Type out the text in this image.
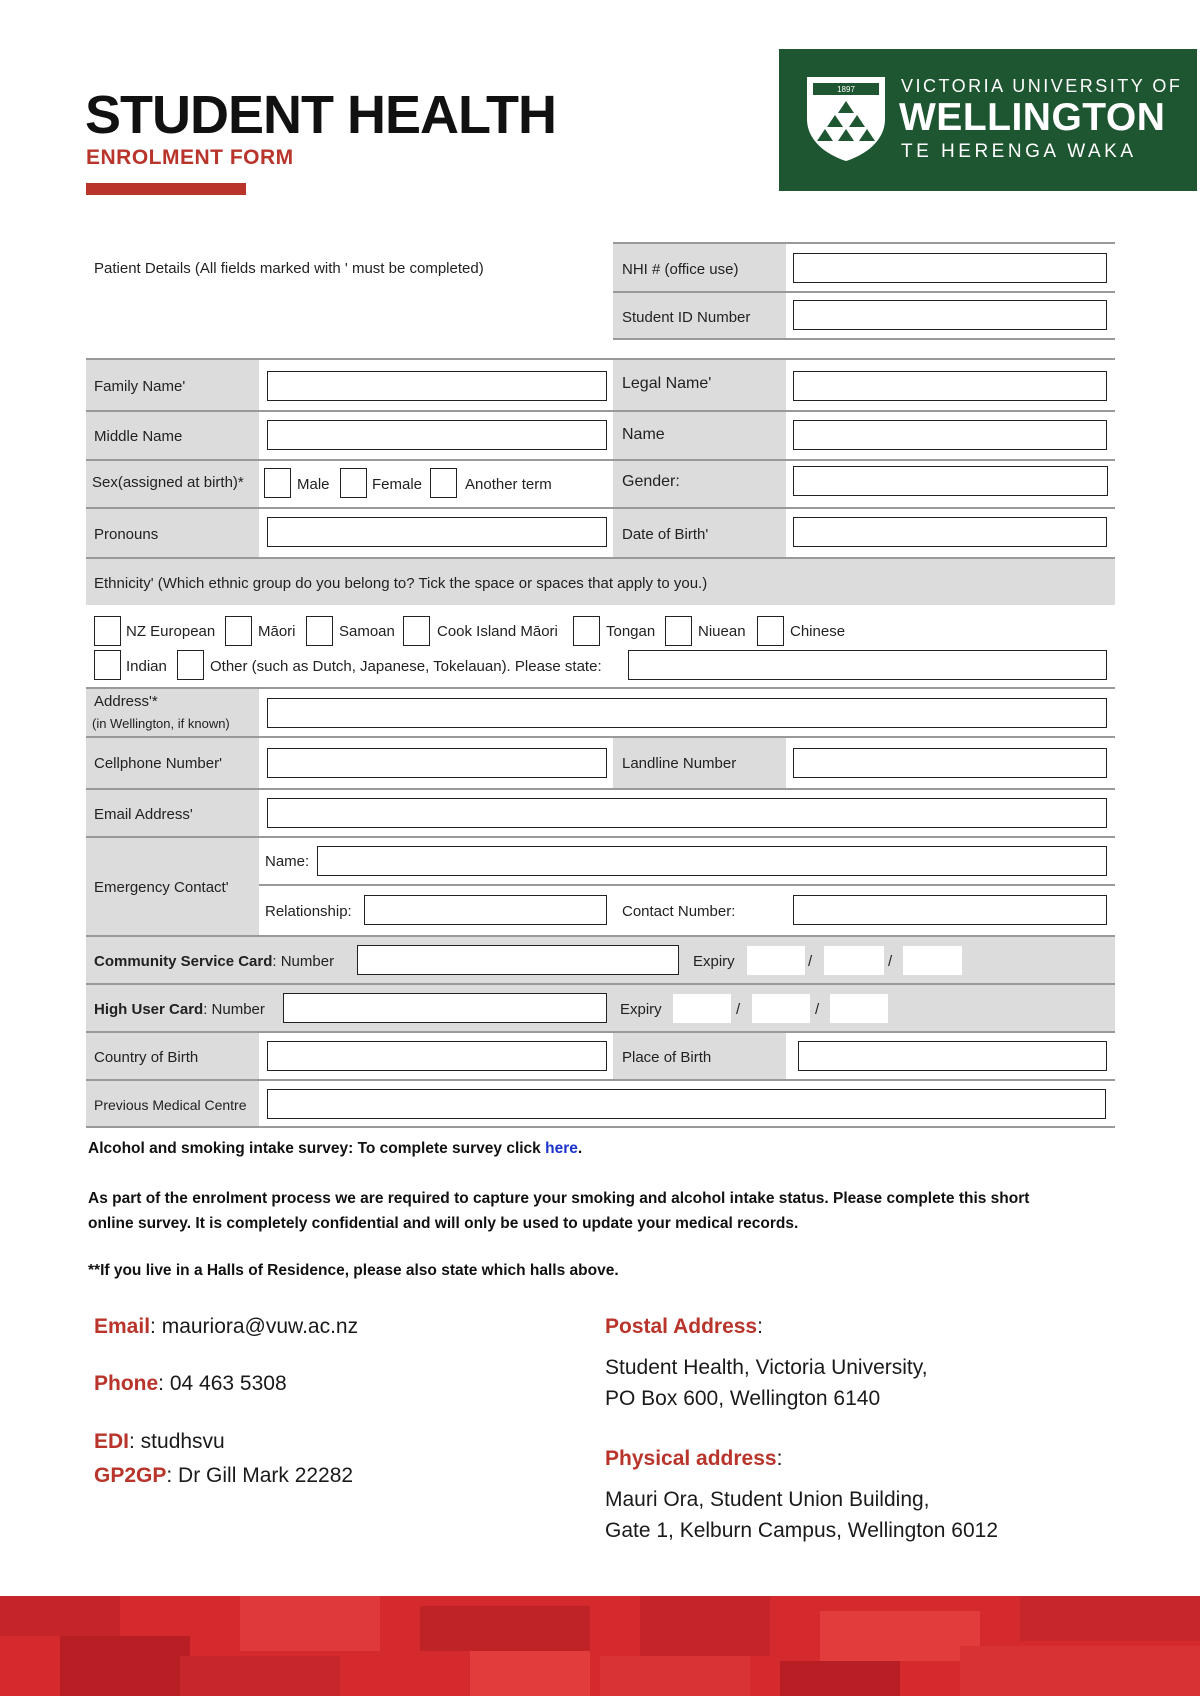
STUDENT HEALTH
ENROLMENT FORM
1897	VICTORIA UNIVERSITY OF
WELLINGTON
TE HERENGA WAKA
Patient Details (All fields marked with ' must be completed)	NHI # (office use)
Student ID Number
Family Name'	Legal Name'
Middle Name	Name
Sex(assigned at birth)*	Male	Female	Another term	Gender:
Pronouns	Date of Birth'
Ethnicity' (Which ethnic group do you belong to? Tick the space or spaces that apply to you.)
NZ European	Māori	Samoan	Cook Island Māori	Tongan	Niuean	Chinese
Indian	Other (such as Dutch, Japanese, Tokelauan). Please state:
Address'*
(in Wellington, if known)
Cellphone Number'	Landline Number
Email Address'
Emergency Contact'
Name:
Relationship:	Contact Number:
Community Service Card: Number	Expiry	/	/
High User Card: Number	Expiry	/	/
Country of Birth	Place of Birth
Previous Medical Centre
Alcohol and smoking intake survey: To complete survey click here.
As part of the enrolment process we are required to capture your smoking and alcohol intake status. Please complete this short
online survey. It is completely confidential and will only be used to update your medical records.
**If you live in a Halls of Residence, please also state which halls above.
Email: mauriora@vuw.ac.nz
Phone: 04 463 5308
EDI: studhsvu
GP2GP: Dr Gill Mark 22282
Postal Address:
Student Health, Victoria University,
PO Box 600, Wellington 6140
Physical address:
Mauri Ora, Student Union Building,
Gate 1, Kelburn Campus, Wellington 6012
